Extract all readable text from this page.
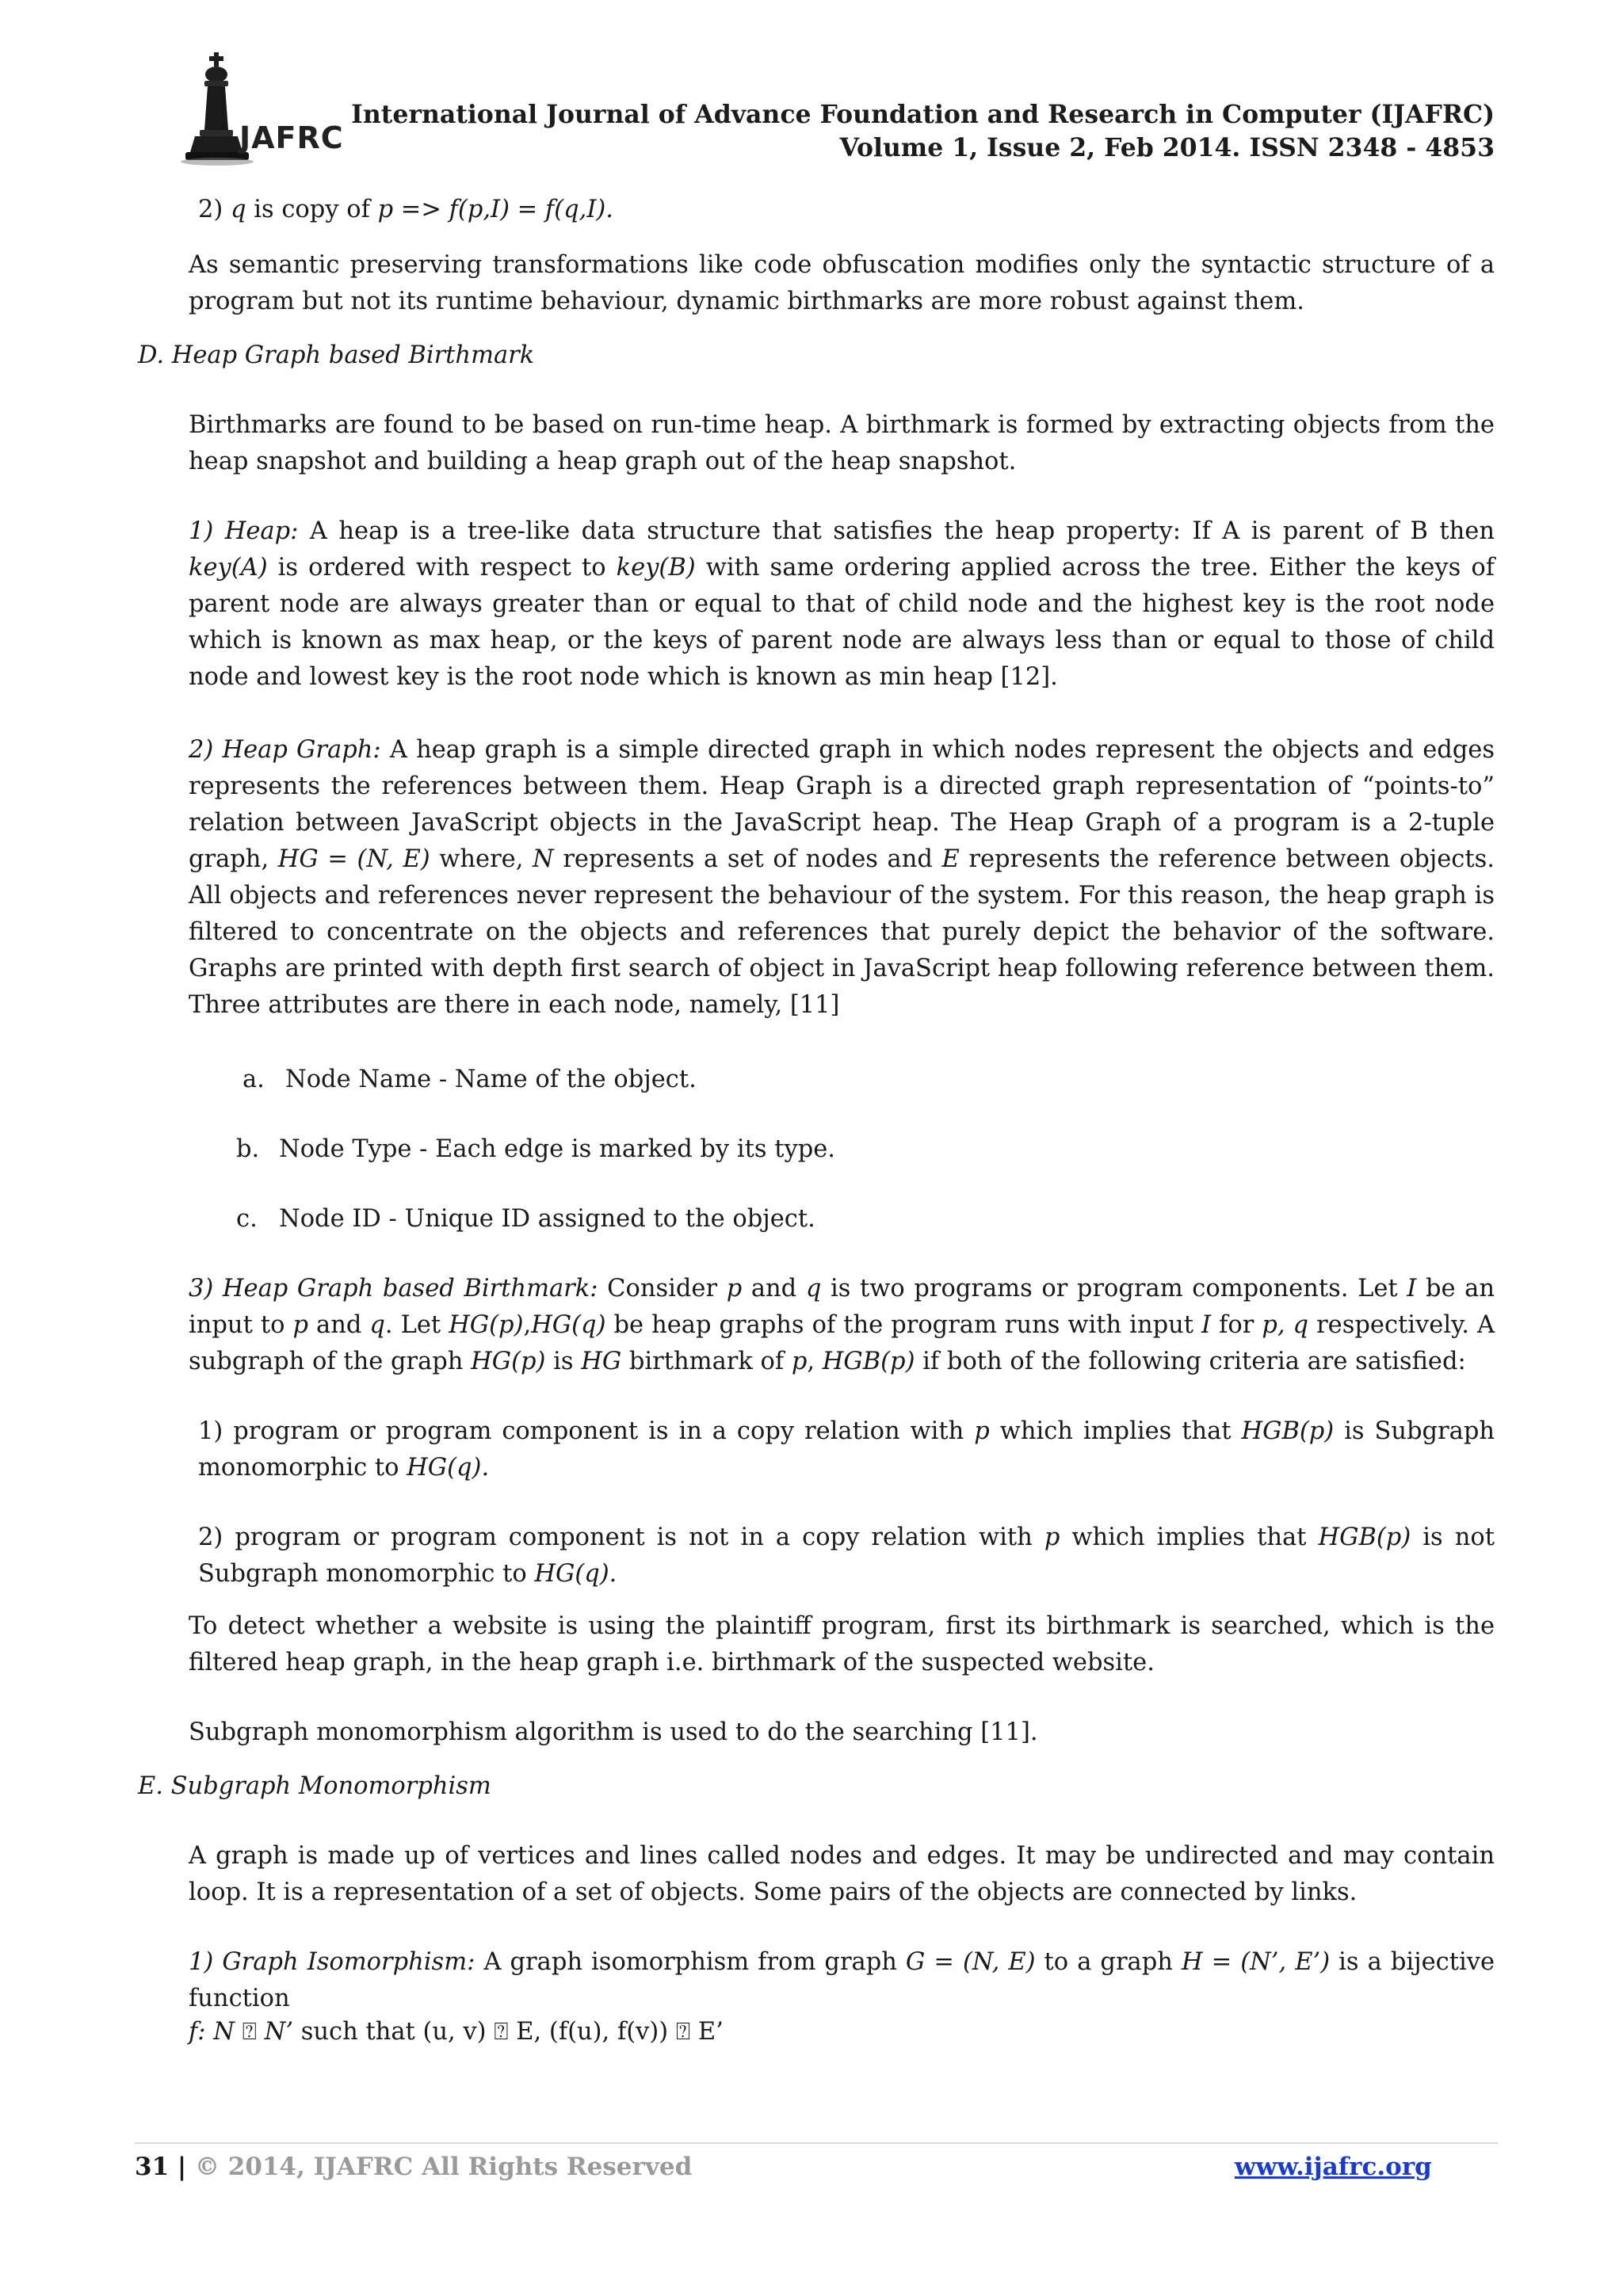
JAFRC
International Journal of Advance Foundation and Research in Computer (IJAFRC)
Volume 1, Issue 2, Feb 2014. ISSN 2348 - 4853
2) q is copy of p => f(p,I) = f(q,I).
As semantic preserving transformations like code obfuscation modifies only the syntactic structure of a program but not its runtime behaviour, dynamic birthmarks are more robust against them.
D. Heap Graph based Birthmark
Birthmarks are found to be based on run-time heap. A birthmark is formed by extracting objects from the heap snapshot and building a heap graph out of the heap snapshot.
1) Heap: A heap is a tree-like data structure that satisfies the heap property: If A is parent of B then key(A) is ordered with respect to key(B) with same ordering applied across the tree. Either the keys of parent node are always greater than or equal to that of child node and the highest key is the root node which is known as max heap, or the keys of parent node are always less than or equal to those of child node and lowest key is the root node which is known as min heap [12].
2) Heap Graph: A heap graph is a simple directed graph in which nodes represent the objects and edges represents the references between them. Heap Graph is a directed graph representation of “points-to” relation between JavaScript objects in the JavaScript heap. The Heap Graph of a program is a 2-tuple graph, HG = (N, E) where, N represents a set of nodes and E represents the reference between objects. All objects and references never represent the behaviour of the system. For this reason, the heap graph is filtered to concentrate on the objects and references that purely depict the behavior of the software. Graphs are printed with depth first search of object in JavaScript heap following reference between them. Three attributes are there in each node, namely, [11]
a. Node Name - Name of the object.
b. Node Type - Each edge is marked by its type.
c. Node ID - Unique ID assigned to the object.
3) Heap Graph based Birthmark: Consider p and q is two programs or program components. Let I be an input to p and q. Let HG(p),HG(q) be heap graphs of the program runs with input I for p, q respectively. A subgraph of the graph HG(p) is HG birthmark of p, HGB(p) if both of the following criteria are satisfied:
1) program or program component is in a copy relation with p which implies that HGB(p) is Subgraph monomorphic to HG(q).
2) program or program component is not in a copy relation with p which implies that HGB(p) is not Subgraph monomorphic to HG(q).
To detect whether a website is using the plaintiff program, first its birthmark is searched, which is the filtered heap graph, in the heap graph i.e. birthmark of the suspected website.
Subgraph monomorphism algorithm is used to do the searching [11].
E. Subgraph Monomorphism
A graph is made up of vertices and lines called nodes and edges. It may be undirected and may contain loop. It is a representation of a set of objects. Some pairs of the objects are connected by links.
1) Graph Isomorphism: A graph isomorphism from graph G = (N, E) to a graph H = (N’, E’) is a bijective function
f: N ⍰ N’ such that (u, v) ⍰ E, (f(u), f(v)) ⍰ E’
31 | © 2014, IJAFRC All Rights Reserved	www.ijafrc.org
